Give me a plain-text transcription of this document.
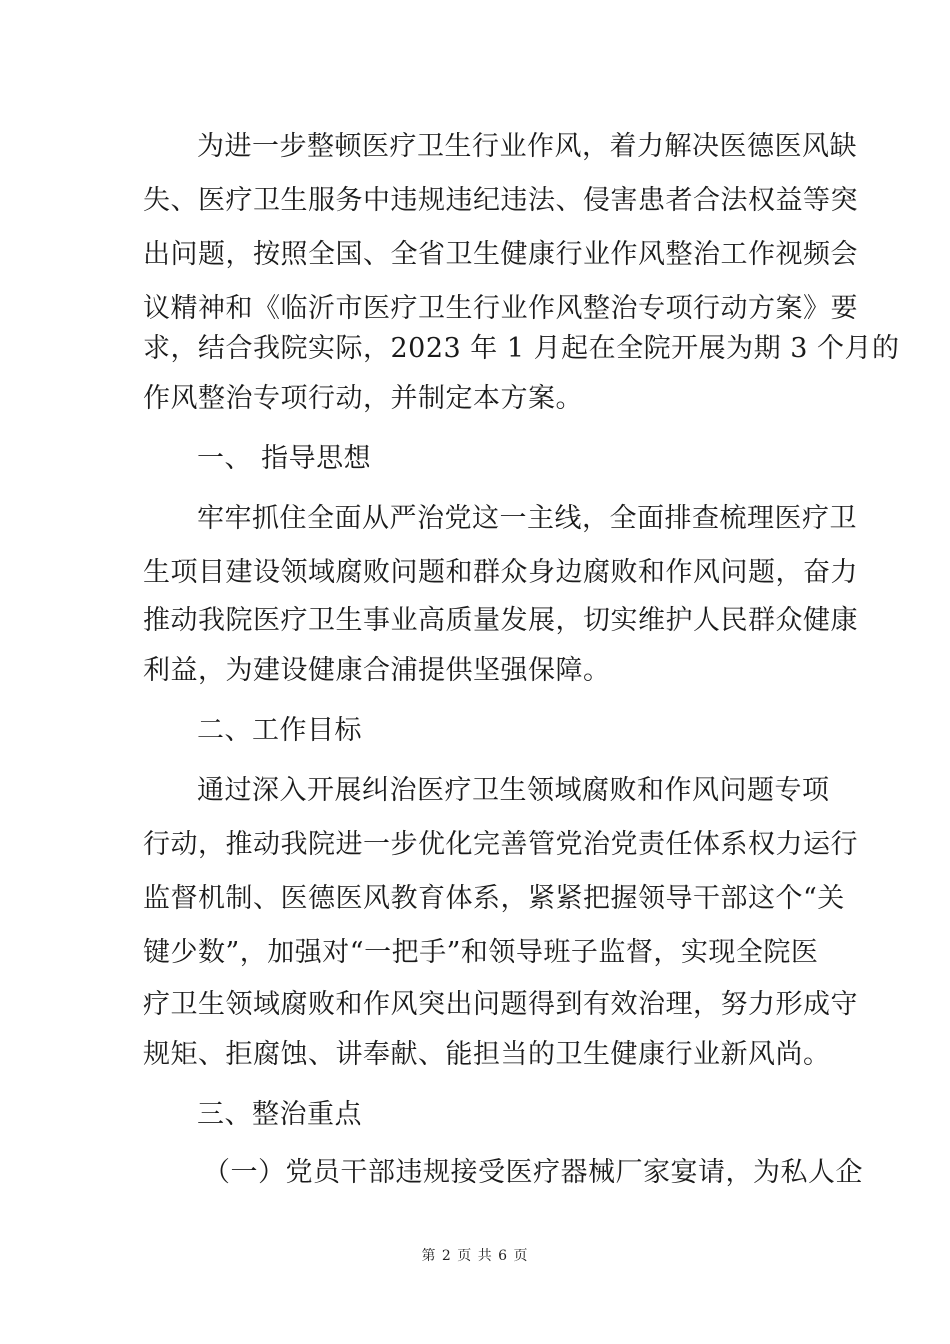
为进一步整顿医疗卫生行业作风，着力解决医德医风缺
失、医疗卫生服务中违规违纪违法、侵害患者合法权益等突
出问题，按照全国、全省卫生健康行业作风整治工作视频会
议精神和《临沂市医疗卫生行业作风整治专项行动方案》要
求，结合我院实际，2023 年 1 月起在全院开展为期 3 个月的
作风整治专项行动，并制定本方案。
一、 指导思想
牢牢抓住全面从严治党这一主线，全面排查梳理医疗卫
生项目建设领域腐败问题和群众身边腐败和作风问题，奋力
推动我院医疗卫生事业高质量发展，切实维护人民群众健康
利益，为建设健康合浦提供坚强保障。
二、工作目标
通过深入开展纠治医疗卫生领域腐败和作风问题专项
行动，推动我院进一步优化完善管党治党责任体系权力运行
监督机制、医德医风教育体系，紧紧把握领导干部这个“关
键少数”，加强对“一把手”和领导班子监督，实现全院医
疗卫生领域腐败和作风突出问题得到有效治理，努力形成守
规矩、拒腐蚀、讲奉献、能担当的卫生健康行业新风尚。
三、整治重点
（一）党员干部违规接受医疗器械厂家宴请，为私人企
第 2 页 共 6 页
